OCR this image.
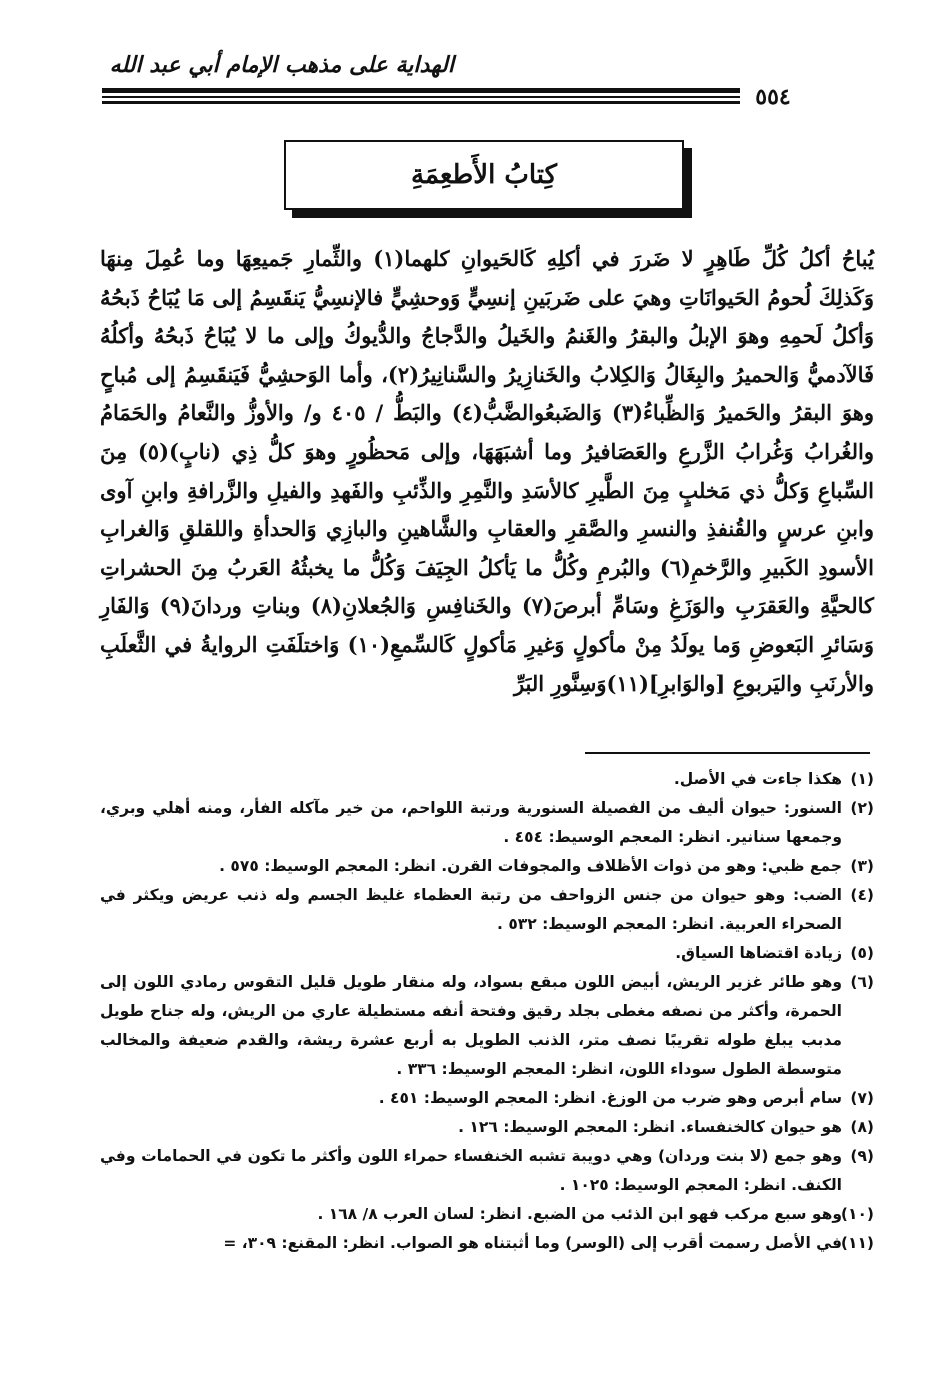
الهداية على مذهب الإمام أبي عبد الله
٥٥٤
كِتابُ الأَطعِمَةِ

يُباحُ أكلُ كُلِّ طَاهِرٍ لا ضَررَ في أكلِهِ كَالحَيوانِ كلهما(١) والثِّمارِ جَميعِهَا وما عُمِلَ مِنهَا وَكَذلِكَ لُحومُ الحَيوانَاتِ وهيَ على ضَربَينِ إنسِيٍّ وَوحشِيٍّ فالإنسِيُّ يَنقَسِمُ إلى مَا يُبَاحُ ذَبحُهُ وَأكلُ لَحمِهِ وهوَ الإبلُ والبقرُ والغَنمُ والخَيلُ والدَّجاجُ والدُّيوكُ وإلى ما لا يُبَاحُ ذَبحُهُ وأكلُهُ فَالآدميُّ وَالحميرُ والبِغَالُ وَالكِلابُ والخَنازِيرُ والسَّنانِيرُ(٢)، وأما الوَحشِيُّ فَيَنقَسِمُ إلى مُباحٍ وهوَ البقرُ والحَميرُ وَالظِّباءُ(٣) وَالضَبعُوالضَّبُّ(٤) والبَطُّ / ٤٠٥ و/ والأوزُّ والنَّعامُ والحَمَامُ والغُرابُ وَغُرابُ الزَّرعِ والعَصَافيرُ وما أشبَهَهَا، وإلى مَحظُورٍ وهوَ كلُّ ذِي (نابٍ)(٥) مِنَ السِّباعِ وَكلُّ ذي مَخلبٍ مِنَ الطَّيرِ كالأسَدِ والنَّمِرِ والذِّئبِ والفَهدِ والفيلِ والزَّرافةِ وابنِ آوى وابنِ عرسٍ والقُنفذِ والنسرِ والصَّقرِ والعقابِ والشَّاهينِ والبازِي وَالحدأةِ واللقلقِ وَالغرابِ الأسودِ الكَبيرِ والرَّخمِ(٦) والبُرمِ وكُلُّ ما يَأكلُ الجِيَفَ وَكُلُّ ما يخبثُهُ العَربُ مِنَ الحشراتِ كالحيَّةِ والعَقرَبِ والوَزَغِ وسَامِّ أبرصَ(٧) والخَنافِسِ وَالجُعلانِ(٨) وبناتِ وردانَ(٩) وَالفَارِ وَسَائرِ البَعوضِ وَما يولَدُ مِنْ مأكولٍ وَغيرِ مَأكولٍ كَالسِّمعِ(١٠) وَاختلَفَتِ الروايةُ في الثَّعلَبِ والأرنَبِ واليَربوعِ [والوَابرِ](١١)وَسِنَّورِ البَرِّ

(١)
هكذا جاءت في الأصل.
(٢)
السنور: حيوان أليف من الفصيلة السنورية ورتبة اللواحم، من خير مآكله الفأر، ومنه أهلي وبري، وجمعها سنانير. انظر: المعجم الوسيط: ٤٥٤ .
(٣)
جمع ظبي: وهو من ذوات الأظلاف والمجوفات القرن. انظر: المعجم الوسيط: ٥٧٥ .
(٤)
الضب: وهو حيوان من جنس الزواحف من رتبة العظماء غليظ الجسم وله ذنب عريض ويكثر في الصحراء العربية. انظر: المعجم الوسيط: ٥٣٢ .
(٥)
زيادة اقتضاها السياق.
(٦)
وهو طائر غزير الريش، أبيض اللون مبقع بسواد، وله منقار طويل قليل التقوس رمادي اللون إلى الحمرة، وأكثر من نصفه مغطى بجلد رقيق وفتحة أنفه مستطيلة عاري من الريش، وله جناح طويل مدبب يبلغ طوله تقريبًا نصف متر، الذنب الطويل به أربع عشرة ريشة، والقدم ضعيفة والمخالب متوسطة الطول سوداء اللون، انظر: المعجم الوسيط: ٣٣٦ .
(٧)
سام أبرص وهو ضرب من الوزغ. انظر: المعجم الوسيط: ٤٥١ .
(٨)
هو حيوان كالخنفساء. انظر: المعجم الوسيط: ١٢٦ .
(٩)
وهو جمع (لا بنت وردان) وهي دويبة تشبه الخنفساء حمراء اللون وأكثر ما تكون في الحمامات وفي الكنف. انظر: المعجم الوسيط: ١٠٢٥ .
(١٠)
وهو سبع مركب فهو ابن الذئب من الضبع. انظر: لسان العرب ٨/ ١٦٨ .
(١١)
في الأصل رسمت أقرب إلى (الوسر) وما أثبتناه هو الصواب. انظر: المقنع: ٣٠٩، =
